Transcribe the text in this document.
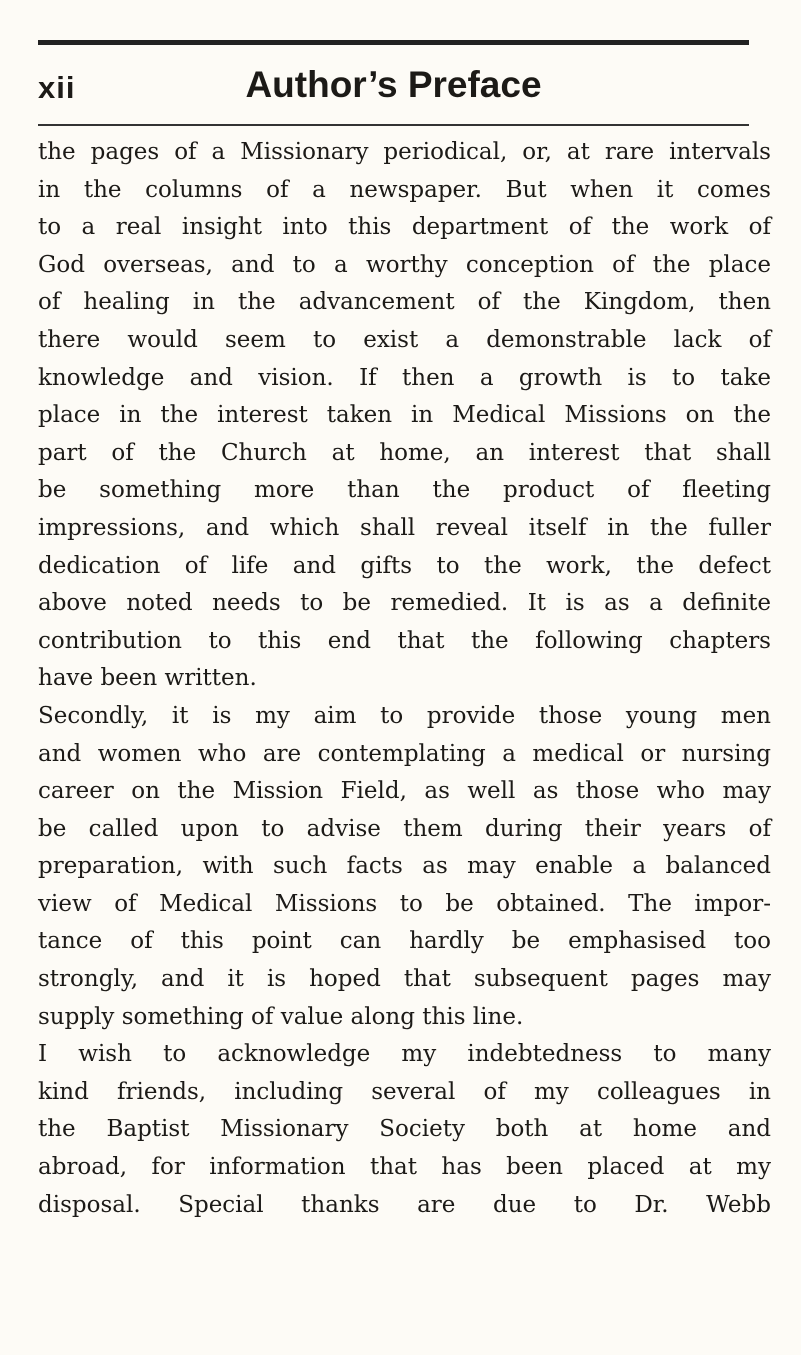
xii	Author’s Preface
the pages of a Missionary periodical, or, at rare intervals
in the columns of a newspaper. But when it comes
to a real insight into this department of the work of
God overseas, and to a worthy conception of the place
of healing in the advancement of the Kingdom, then
there would seem to exist a demonstrable lack of
knowledge and vision. If then a growth is to take
place in the interest taken in Medical Missions on the
part of the Church at home, an interest that shall
be something more than the product of fleeting
impressions, and which shall reveal itself in the fuller
dedication of life and gifts to the work, the defect
above noted needs to be remedied. It is as a definite
contribution to this end that the following chapters
have been written.
Secondly, it is my aim to provide those young men
and women who are contemplating a medical or nursing
career on the Mission Field, as well as those who may
be called upon to advise them during their years of
preparation, with such facts as may enable a balanced
view of Medical Missions to be obtained. The impor-
tance of this point can hardly be emphasised too
strongly, and it is hoped that subsequent pages may
supply something of value along this line.
I wish to acknowledge my indebtedness to many
kind friends, including several of my colleagues in
the Baptist Missionary Society both at home and
abroad, for information that has been placed at my
disposal. Special thanks are due to Dr. Webb
